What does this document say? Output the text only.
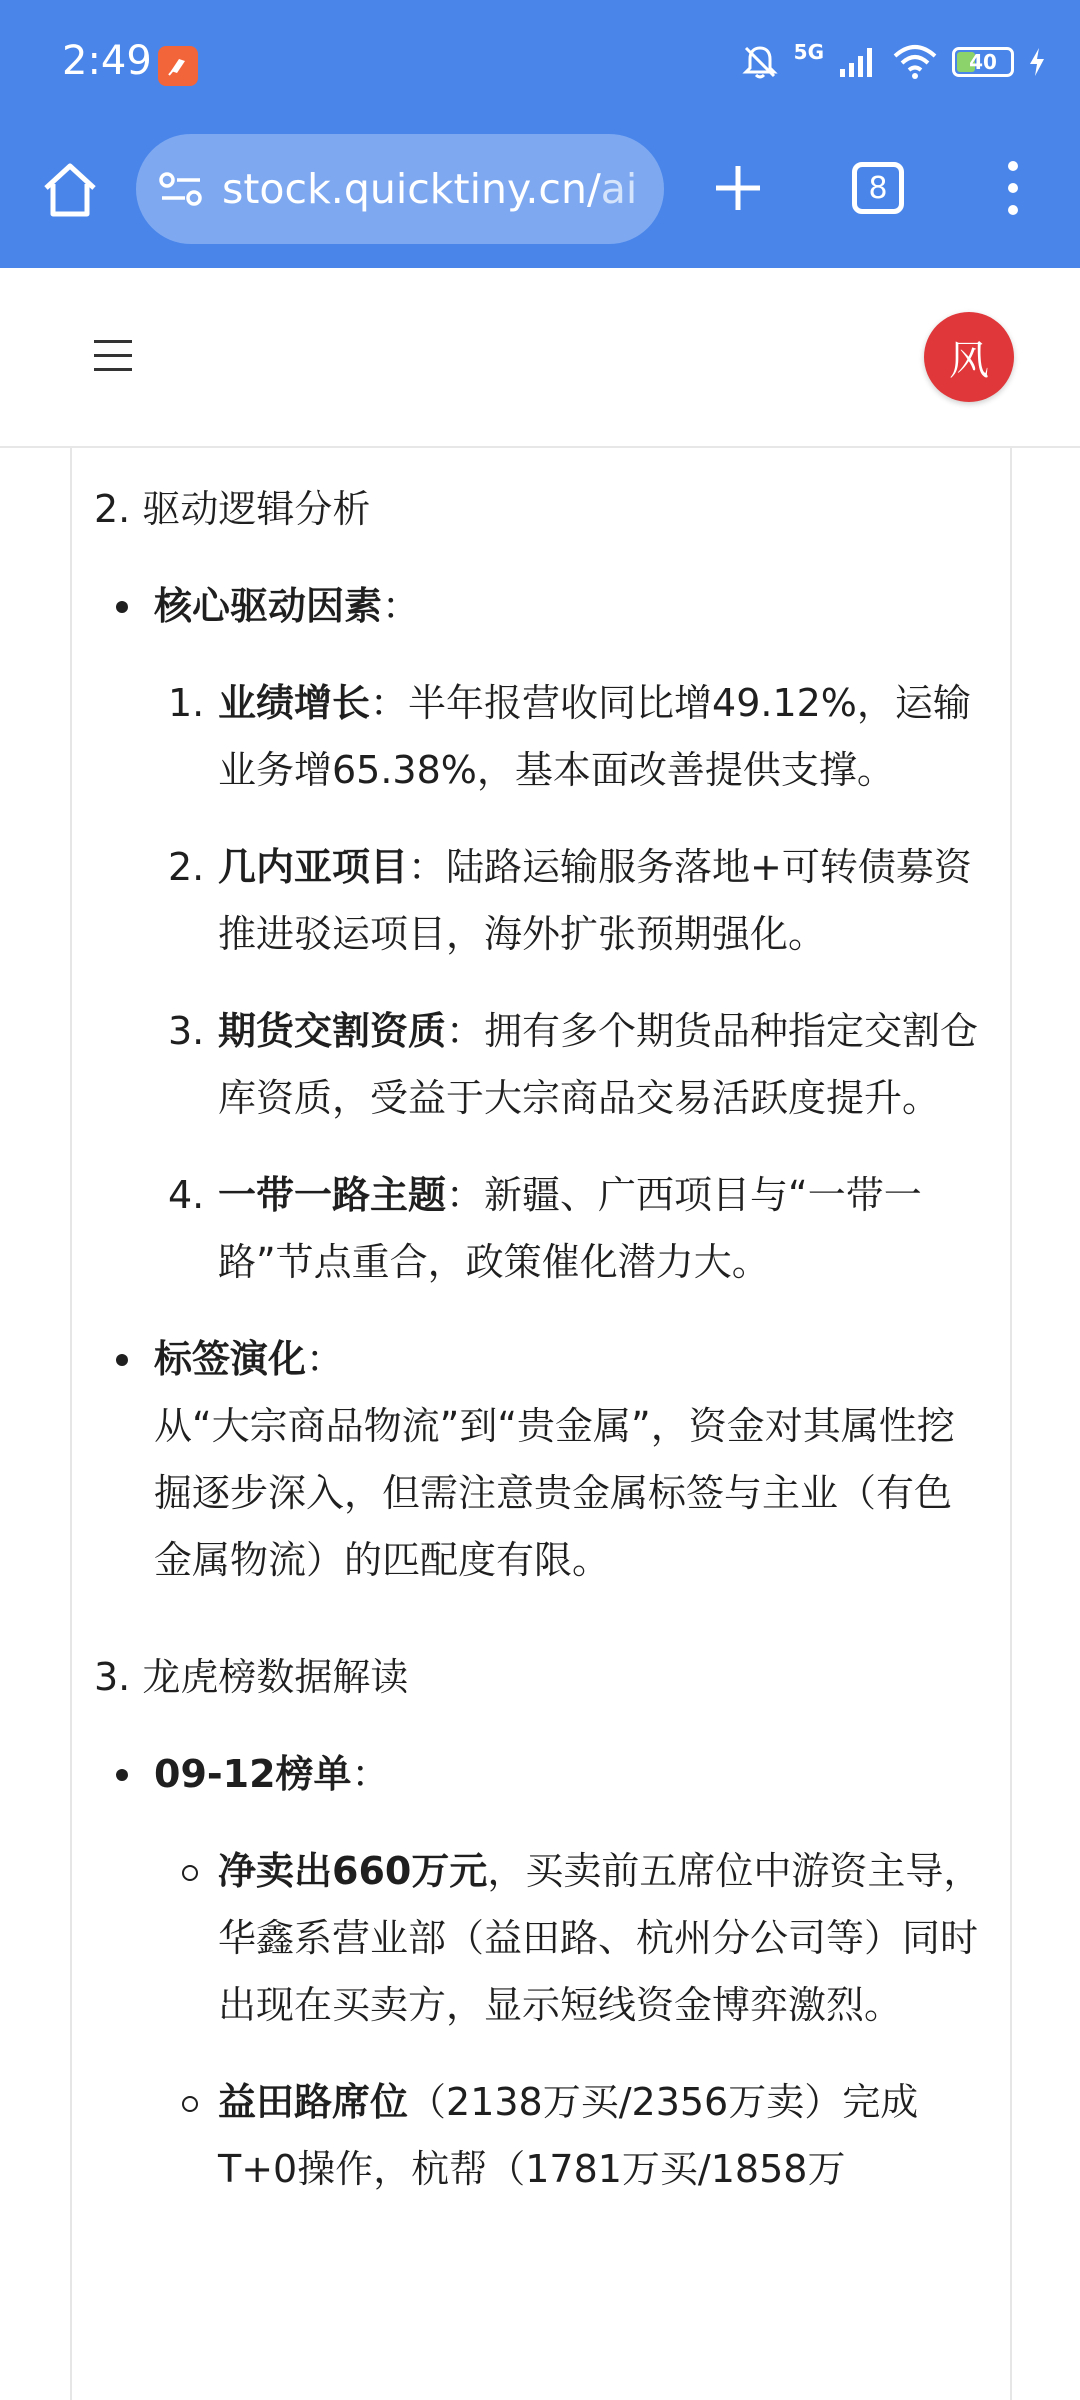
2:49	5G	40
stock.quicktiny.cn/ai	8
风
2. 驱动逻辑分析
核心驱动因素：
1. 业绩增长：半年报营收同比增49.12%，运输业务增65.38%，基本面改善提供支撑。
2. 几内亚项目：陆路运输服务落地+可转债募资推进驳运项目，海外扩张预期强化。
3. 期货交割资质：拥有多个期货品种指定交割仓库资质，受益于大宗商品交易活跃度提升。
4. 一带一路主题：新疆、广西项目与“一带一路”节点重合，政策催化潜力大。
标签演化：
从“大宗商品物流”到“贵金属”，资金对其属性挖掘逐步深入，但需注意贵金属标签与主业（有色金属物流）的匹配度有限。
3. 龙虎榜数据解读
09-12榜单：
净卖出660万元，买卖前五席位中游资主导，华鑫系营业部（益田路、杭州分公司等）同时出现在买卖方，显示短线资金博弈激烈。
益田路席位（2138万买/2356万卖）完成T+0操作，杭帮（1781万买/1858万
